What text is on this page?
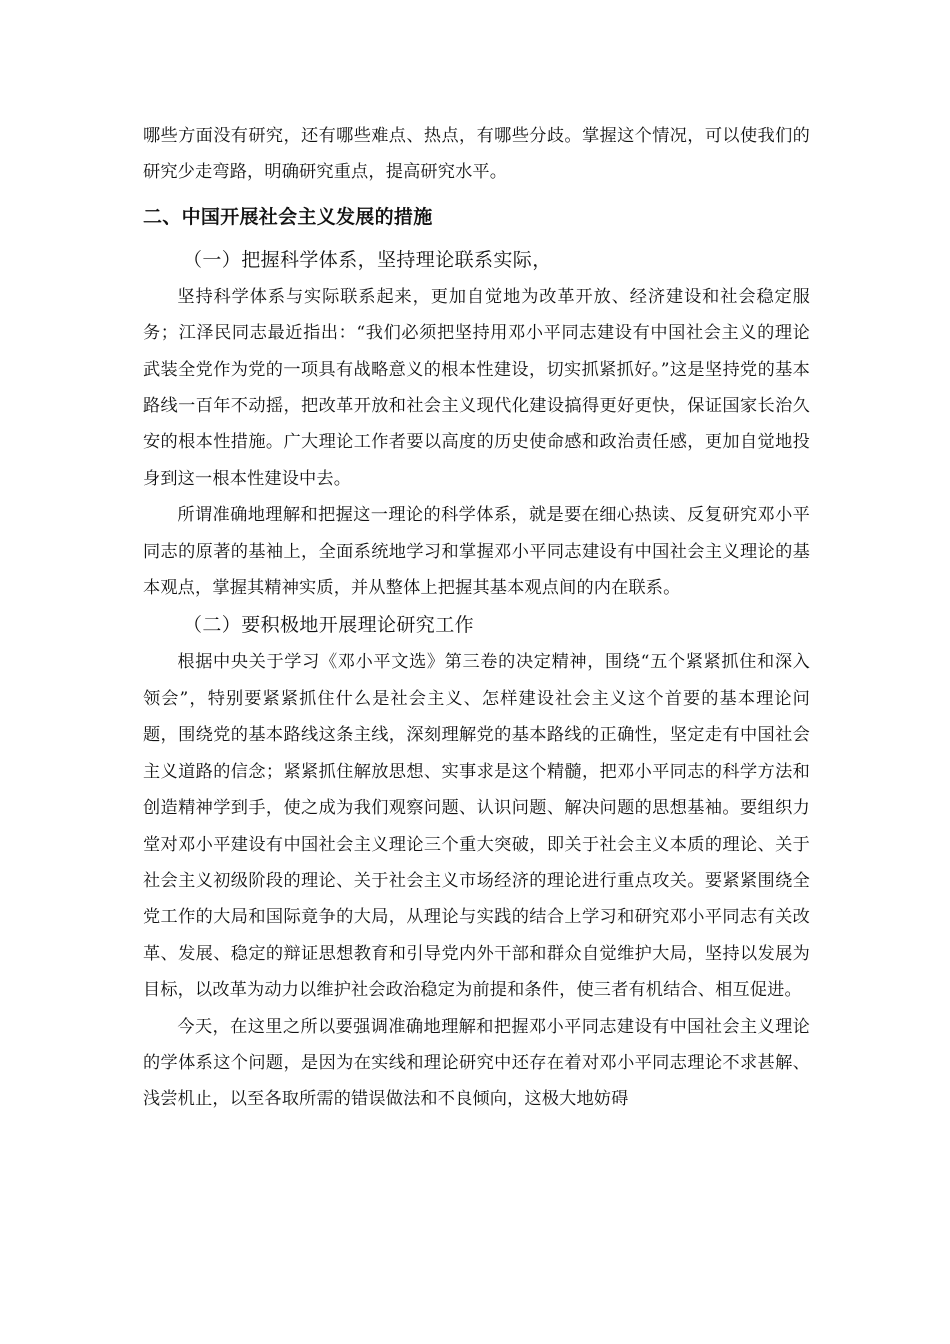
哪些方面没有研究，还有哪些难点、热点，有哪些分歧。掌握这个情况，可以使我们的研究少走弯路，明确研究重点，提高研究水平。

二、中国开展社会主义发展的措施
（一）把握科学体系，坚持理论联系实际，

坚持科学体系与实际联系起来，更加自觉地为改革开放、经济建设和社会稳定服务；江泽民同志最近指出：“我们必须把坚持用邓小平同志建设有中国社会主义的理论武装全党作为党的一项具有战略意义的根本性建设，切实抓紧抓好。”这是坚持党的基本路线一百年不动摇，把改革开放和社会主义现代化建设搞得更好更快，保证国家长治久安的根本性措施。广大理论工作者要以高度的历史使命感和政治责任感，更加自觉地投身到这一根本性建设中去。

所谓准确地理解和把握这一理论的科学体系，就是要在细心热读、反复研究邓小平同志的原著的基袖上，全面系统地学习和掌握邓小平同志建设有中国社会主义理论的基本观点，掌握其精神实质，并从整体上把握其基本观点间的内在联系。

（二）要积极地开展理论研究工作

根据中央关于学习《邓小平文选》第三卷的决定精神，围绕“五个紧紧抓住和深入领会”，特别要紧紧抓住什么是社会主义、怎样建设社会主义这个首要的基本理论问题，围绕党的基本路线这条主线，深刻理解党的基本路线的正确性，坚定走有中国社会主义道路的信念；紧紧抓住解放思想、实事求是这个精髓，把邓小平同志的科学方法和创造精神学到手，使之成为我们观察问题、认识问题、解决问题的思想基袖。要组织力堂对邓小平建设有中国社会主义理论三个重大突破，即关于社会主义本质的理论、关于社会主义初级阶段的理论、关于社会主义市场经济的理论进行重点攻关。要紧紧围绕全党工作的大局和国际竟争的大局，从理论与实践的结合上学习和研究邓小平同志有关改革、发展、稳定的辩证思想教育和引导党内外干部和群众自觉维护大局，坚持以发展为目标，以改革为动力以维护社会政治稳定为前提和条件，使三者有机结合、相互促进。

今天，在这里之所以要强调准确地理解和把握邓小平同志建设有中国社会主义理论的学体系这个问题，是因为在实线和理论研究中还存在着对邓小平同志理论不求甚解、浅尝机止，以至各取所需的错误做法和不良倾向，这极大地妨碍
